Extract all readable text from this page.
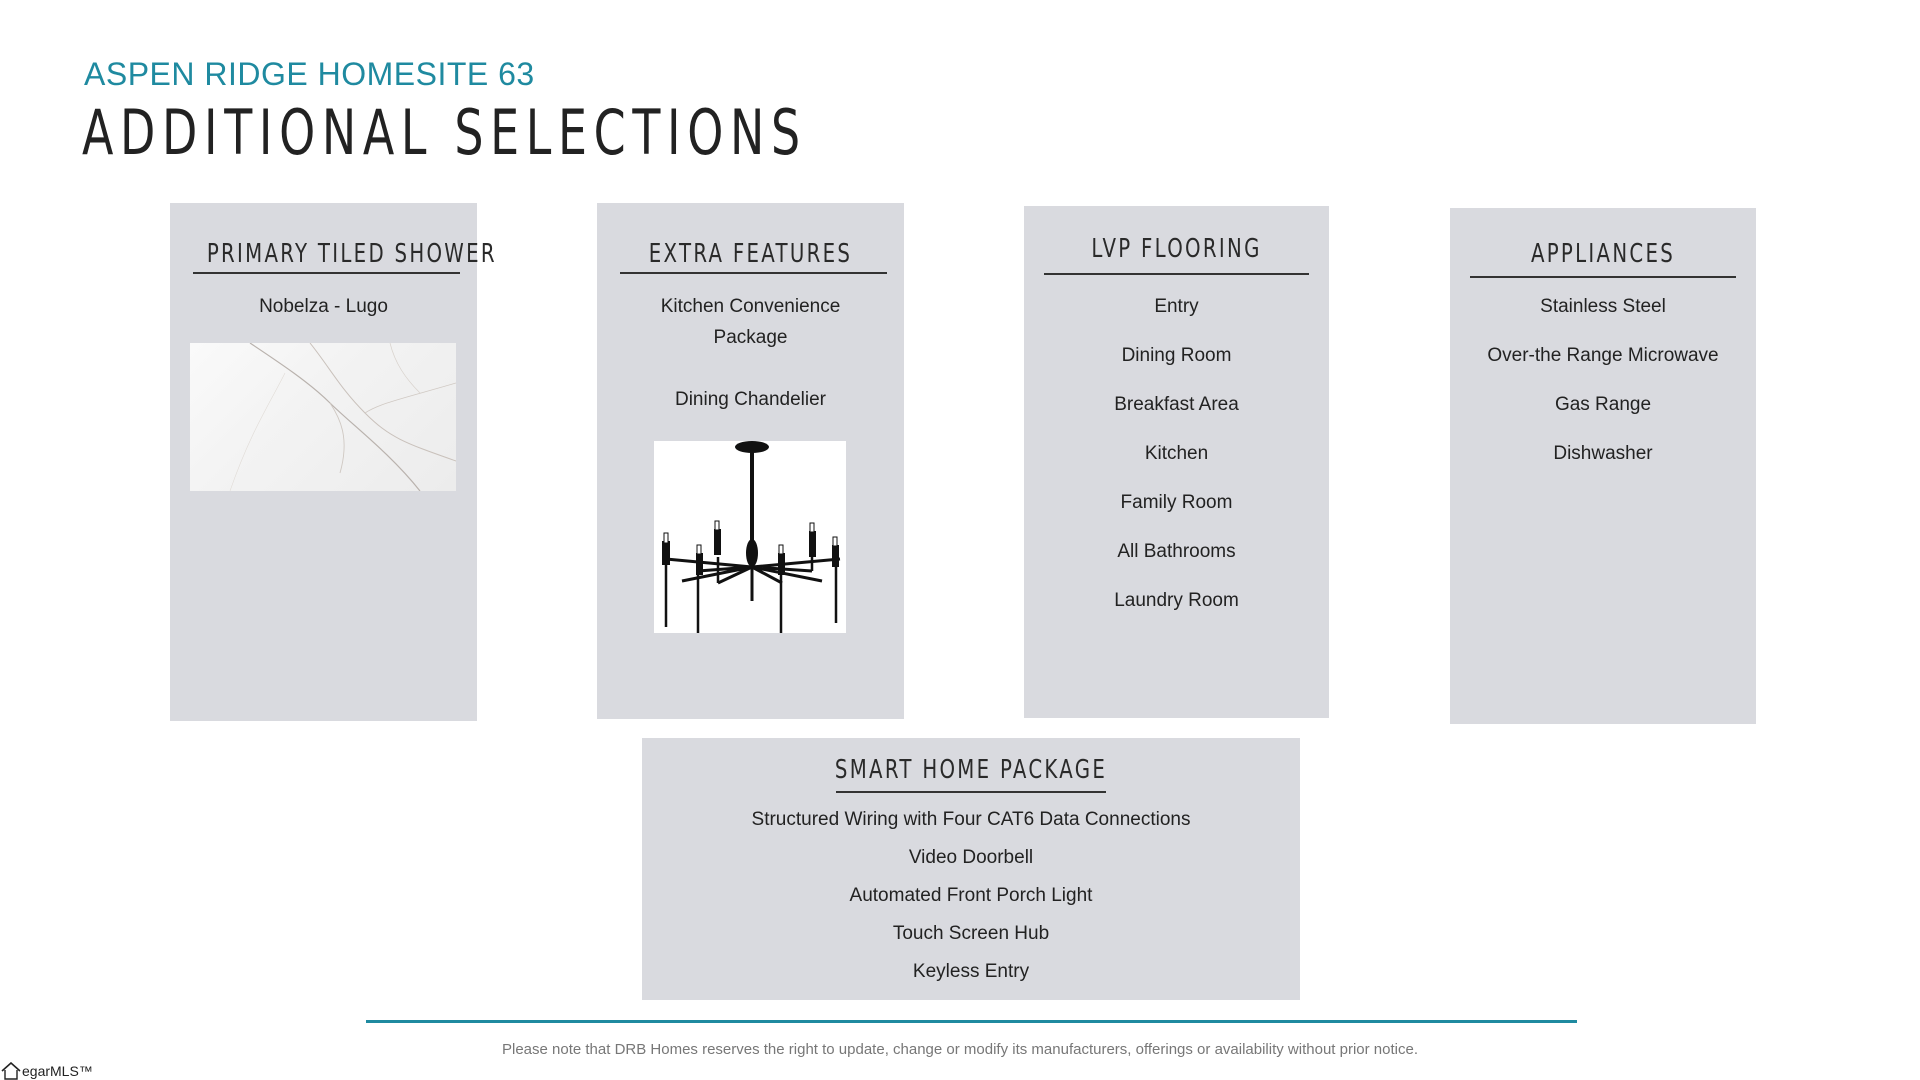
ASPEN RIDGE HOMESITE 63
ADDITIONAL SELECTIONS
PRIMARY TILED SHOWER
Nobelza - Lugo
EXTRA FEATURES
Kitchen Convenience Package
Dining Chandelier
LVP FLOORING
Entry
Dining Room
Breakfast Area
Kitchen
Family Room
All Bathrooms
Laundry Room
APPLIANCES
Stainless Steel
Over-the Range Microwave
Gas Range
Dishwasher
SMART HOME PACKAGE
Structured Wiring with Four CAT6 Data Connections
Video Doorbell
Automated Front Porch Light
Touch Screen Hub
Keyless Entry

Please note that DRB Homes reserves the right to update, change or modify its manufacturers, offerings or availability without prior notice.

egarMLS™
